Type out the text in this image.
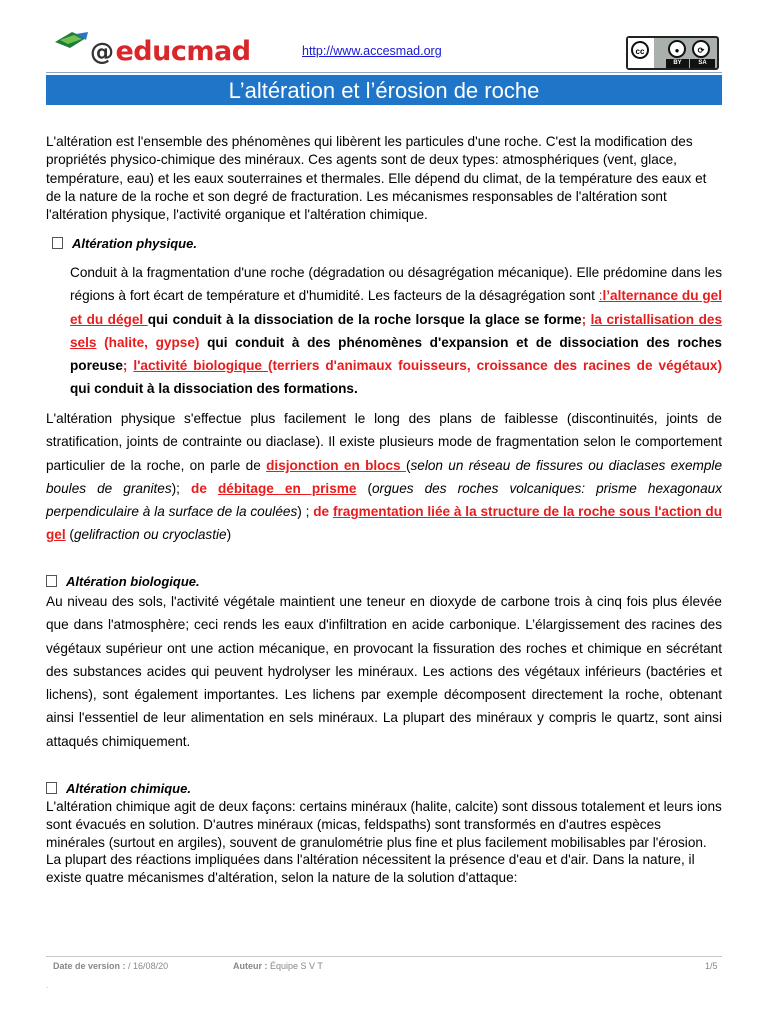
@educmad	http://www.accesmad.org	cc	●	⟳
BY	SA
L’altération et l’érosion de roche

L'altération est l'ensemble des phénomènes qui libèrent les particules d'une roche. C'est la modification des propriétés physico-chimique des minéraux. Ces agents sont de deux types: atmosphériques (vent, glace, température, eau) et les eaux souterraines et thermales. Elle dépend du climat, de la température des eaux et de la nature de la roche et son degré de fracturation. Les mécanismes responsables de l'altération sont l'altération physique, l'activité organique et l'altération chimique.

Altération physique.

Conduit à la fragmentation d'une roche (dégradation ou désagrégation mécanique). Elle prédomine dans les régions à fort écart de température et d'humidité. Les facteurs de la désagrégation sont :l’alternance du gel et du dégel qui conduit à la dissociation de la roche lorsque la glace se forme; la cristallisation des sels (halite, gypse) qui conduit à des phénomènes d'expansion et de dissociation des roches poreuse; l'activité biologique (terriers d'animaux fouisseurs, croissance des racines de végétaux) qui conduit à la dissociation des formations.

L'altération physique s'effectue plus facilement le long des plans de faiblesse (discontinuités, joints de stratification, joints de contrainte ou diaclase). Il existe plusieurs mode de fragmentation selon le comportement particulier de la roche, on parle de disjonction en blocs (selon un réseau de fissures ou diaclases exemple boules de granites); de débitage en prisme (orgues des roches volcaniques: prisme hexagonaux perpendiculaire à la surface de la coulées) ; de fragmentation liée à la structure de la roche sous l'action du gel (gelifraction ou cryoclastie)

Altération biologique.

Au niveau des sols, l'activité végétale maintient une teneur en dioxyde de carbone trois à cinq fois plus élevée que dans l'atmosphère; ceci rends les eaux d'infiltration en acide carbonique. L’élargissement des racines des végétaux supérieur ont une action mécanique, en provocant la fissuration des roches et chimique en sécrétant des substances acides qui peuvent hydrolyser les minéraux. Les actions des végétaux inférieurs (bactéries et lichens), sont également importantes. Les lichens par exemple décomposent directement la roche, obtenant ainsi l'essentiel de leur alimentation en sels minéraux. La plupart des minéraux y compris le quartz, sont ainsi attaqués chimiquement.

Altération chimique.

L'altération chimique agit de deux façons: certains minéraux (halite, calcite) sont dissous totalement et leurs ions sont évacués en solution. D'autres minéraux (micas, feldspaths) sont transformés en d'autres espèces minérales (surtout en argiles), souvent de granulométrie plus fine et plus facilement mobilisables par l'érosion. La plupart des réactions impliquées dans l'altération nécessitent la présence d'eau et d'air. Dans la nature, il existe quatre mécanismes d'altération, selon la nature de la solution d'attaque:

Date de version : / 16/08/20	Auteur : Équipe S V T	1/5
.
